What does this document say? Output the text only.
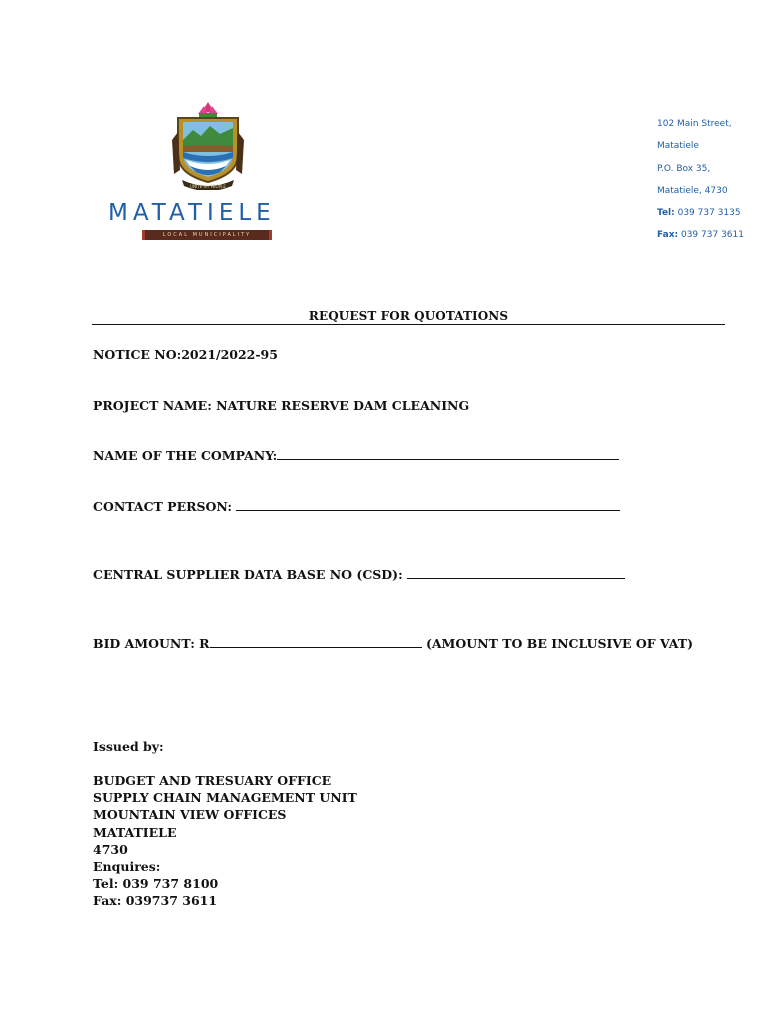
UNITE MY PEOPLE
MATATIELE
LOCAL MUNICIPALITY
102 Main Street,
Matatiele
P.O. Box 35,
Matatiele, 4730
Tel: 039 737 3135
Fax: 039 737 3611
REQUEST FOR QUOTATIONS
NOTICE NO:2021/2022-95
PROJECT NAME: NATURE RESERVE DAM CLEANING
NAME OF THE COMPANY:
CONTACT PERSON:
CENTRAL SUPPLIER DATA BASE NO (CSD):
BID AMOUNT: R	(AMOUNT TO BE INCLUSIVE OF VAT)
Issued by:
BUDGET AND TRESUARY OFFICE
SUPPLY CHAIN MANAGEMENT UNIT
MOUNTAIN VIEW OFFICES
MATATIELE
4730
Enquires:
Tel: 039 737 8100
Fax: 039737 3611
